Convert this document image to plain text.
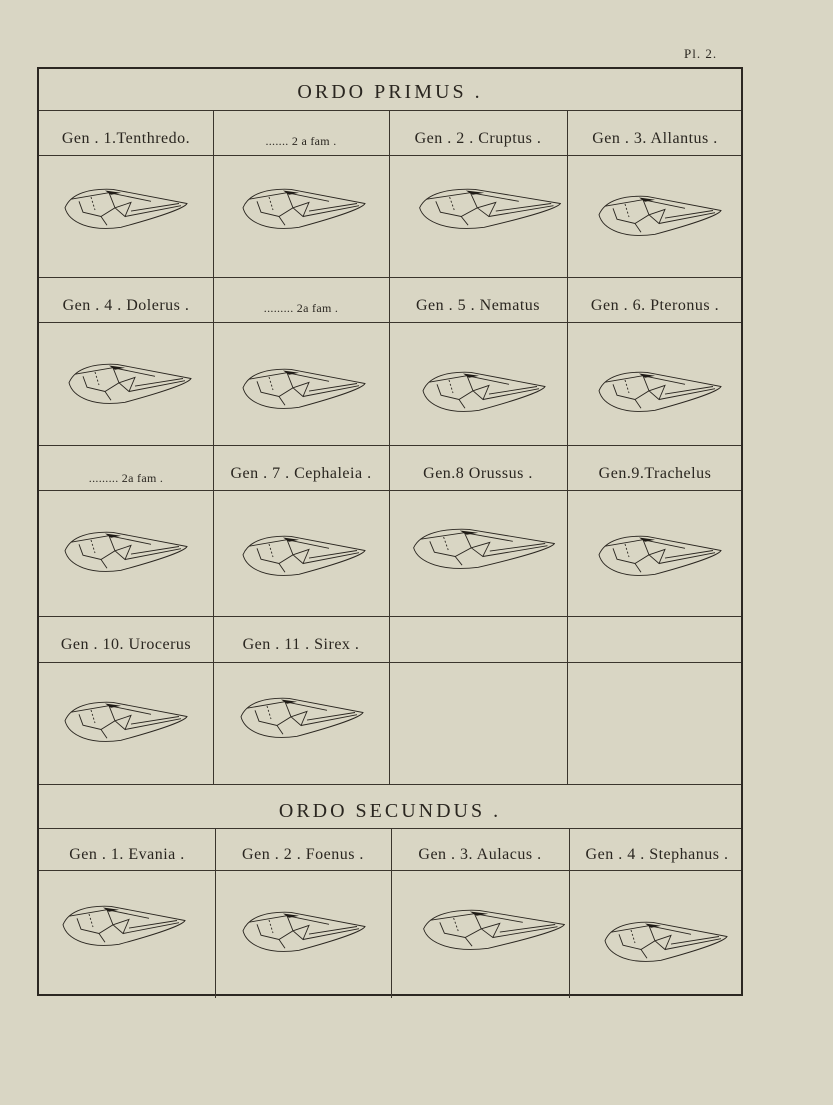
Pl. 2.
ORDO PRIMUS .
Gen . 1.Tenthredo.	....... 2 a fam .	Gen . 2 . Cruptus .	Gen . 3. Allantus .
Gen . 4 . Dolerus .	......... 2a fam .	Gen . 5 . Nematus	Gen . 6. Pteronus .
......... 2a fam .	Gen . 7 . Cephaleia .	Gen.8 Orussus .	Gen.9.Trachelus
Gen . 10. Urocerus	Gen . 11 . Sirex .
ORDO SECUNDUS .
Gen . 1. Evania .	Gen . 2 . Foenus .	Gen . 3. Aulacus .	Gen . 4 . Stephanus .
